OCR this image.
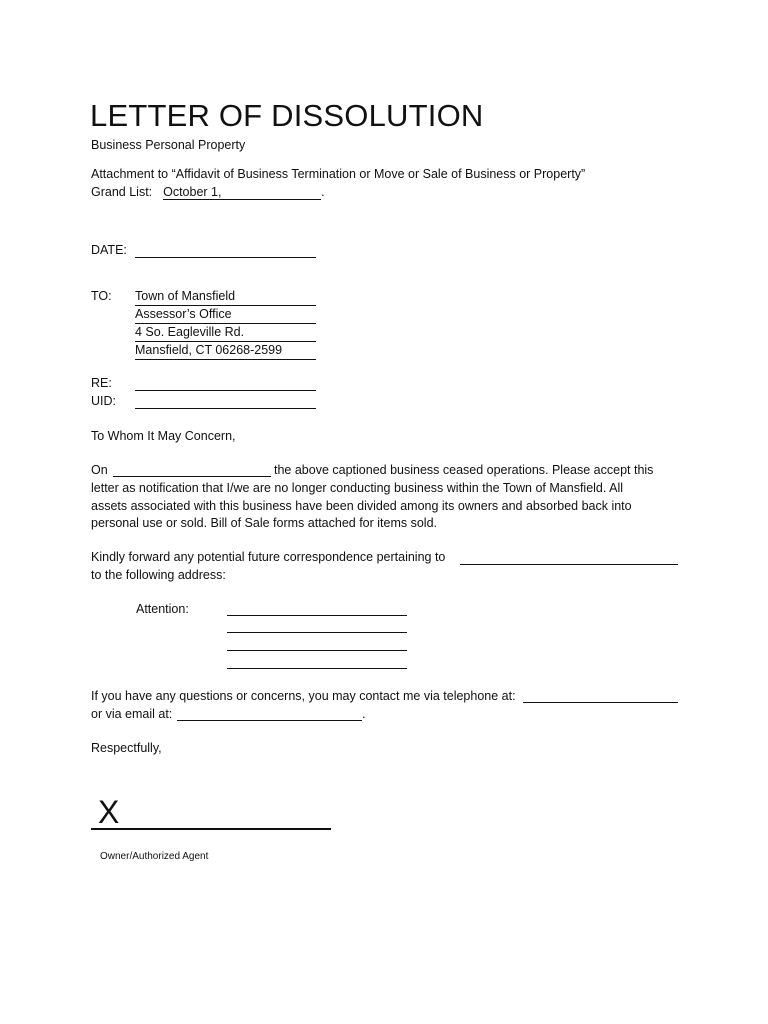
LETTER OF DISSOLUTION
Business Personal Property
Attachment to “Affidavit of Business Termination or Move or Sale of Business or Property”
Grand List: October 1,	.
DATE:
TO: Town of Mansfield
Assessor’s Office
4 So. Eagleville Rd.
Mansfield, CT 06268-2599
RE:
UID:
To Whom It May Concern,
On	the above captioned business ceased operations. Please accept this
letter as notification that I/we are no longer conducting business within the Town of Mansfield. All assets associated with this business have been divided among its owners and absorbed back into personal use or sold. Bill of Sale forms attached for items sold.
Kindly forward any potential future correspondence pertaining to
to the following address:
Attention:
If you have any questions or concerns, you may contact me via telephone at:
or via email at:	.
Respectfully,
X
Owner/Authorized Agent
